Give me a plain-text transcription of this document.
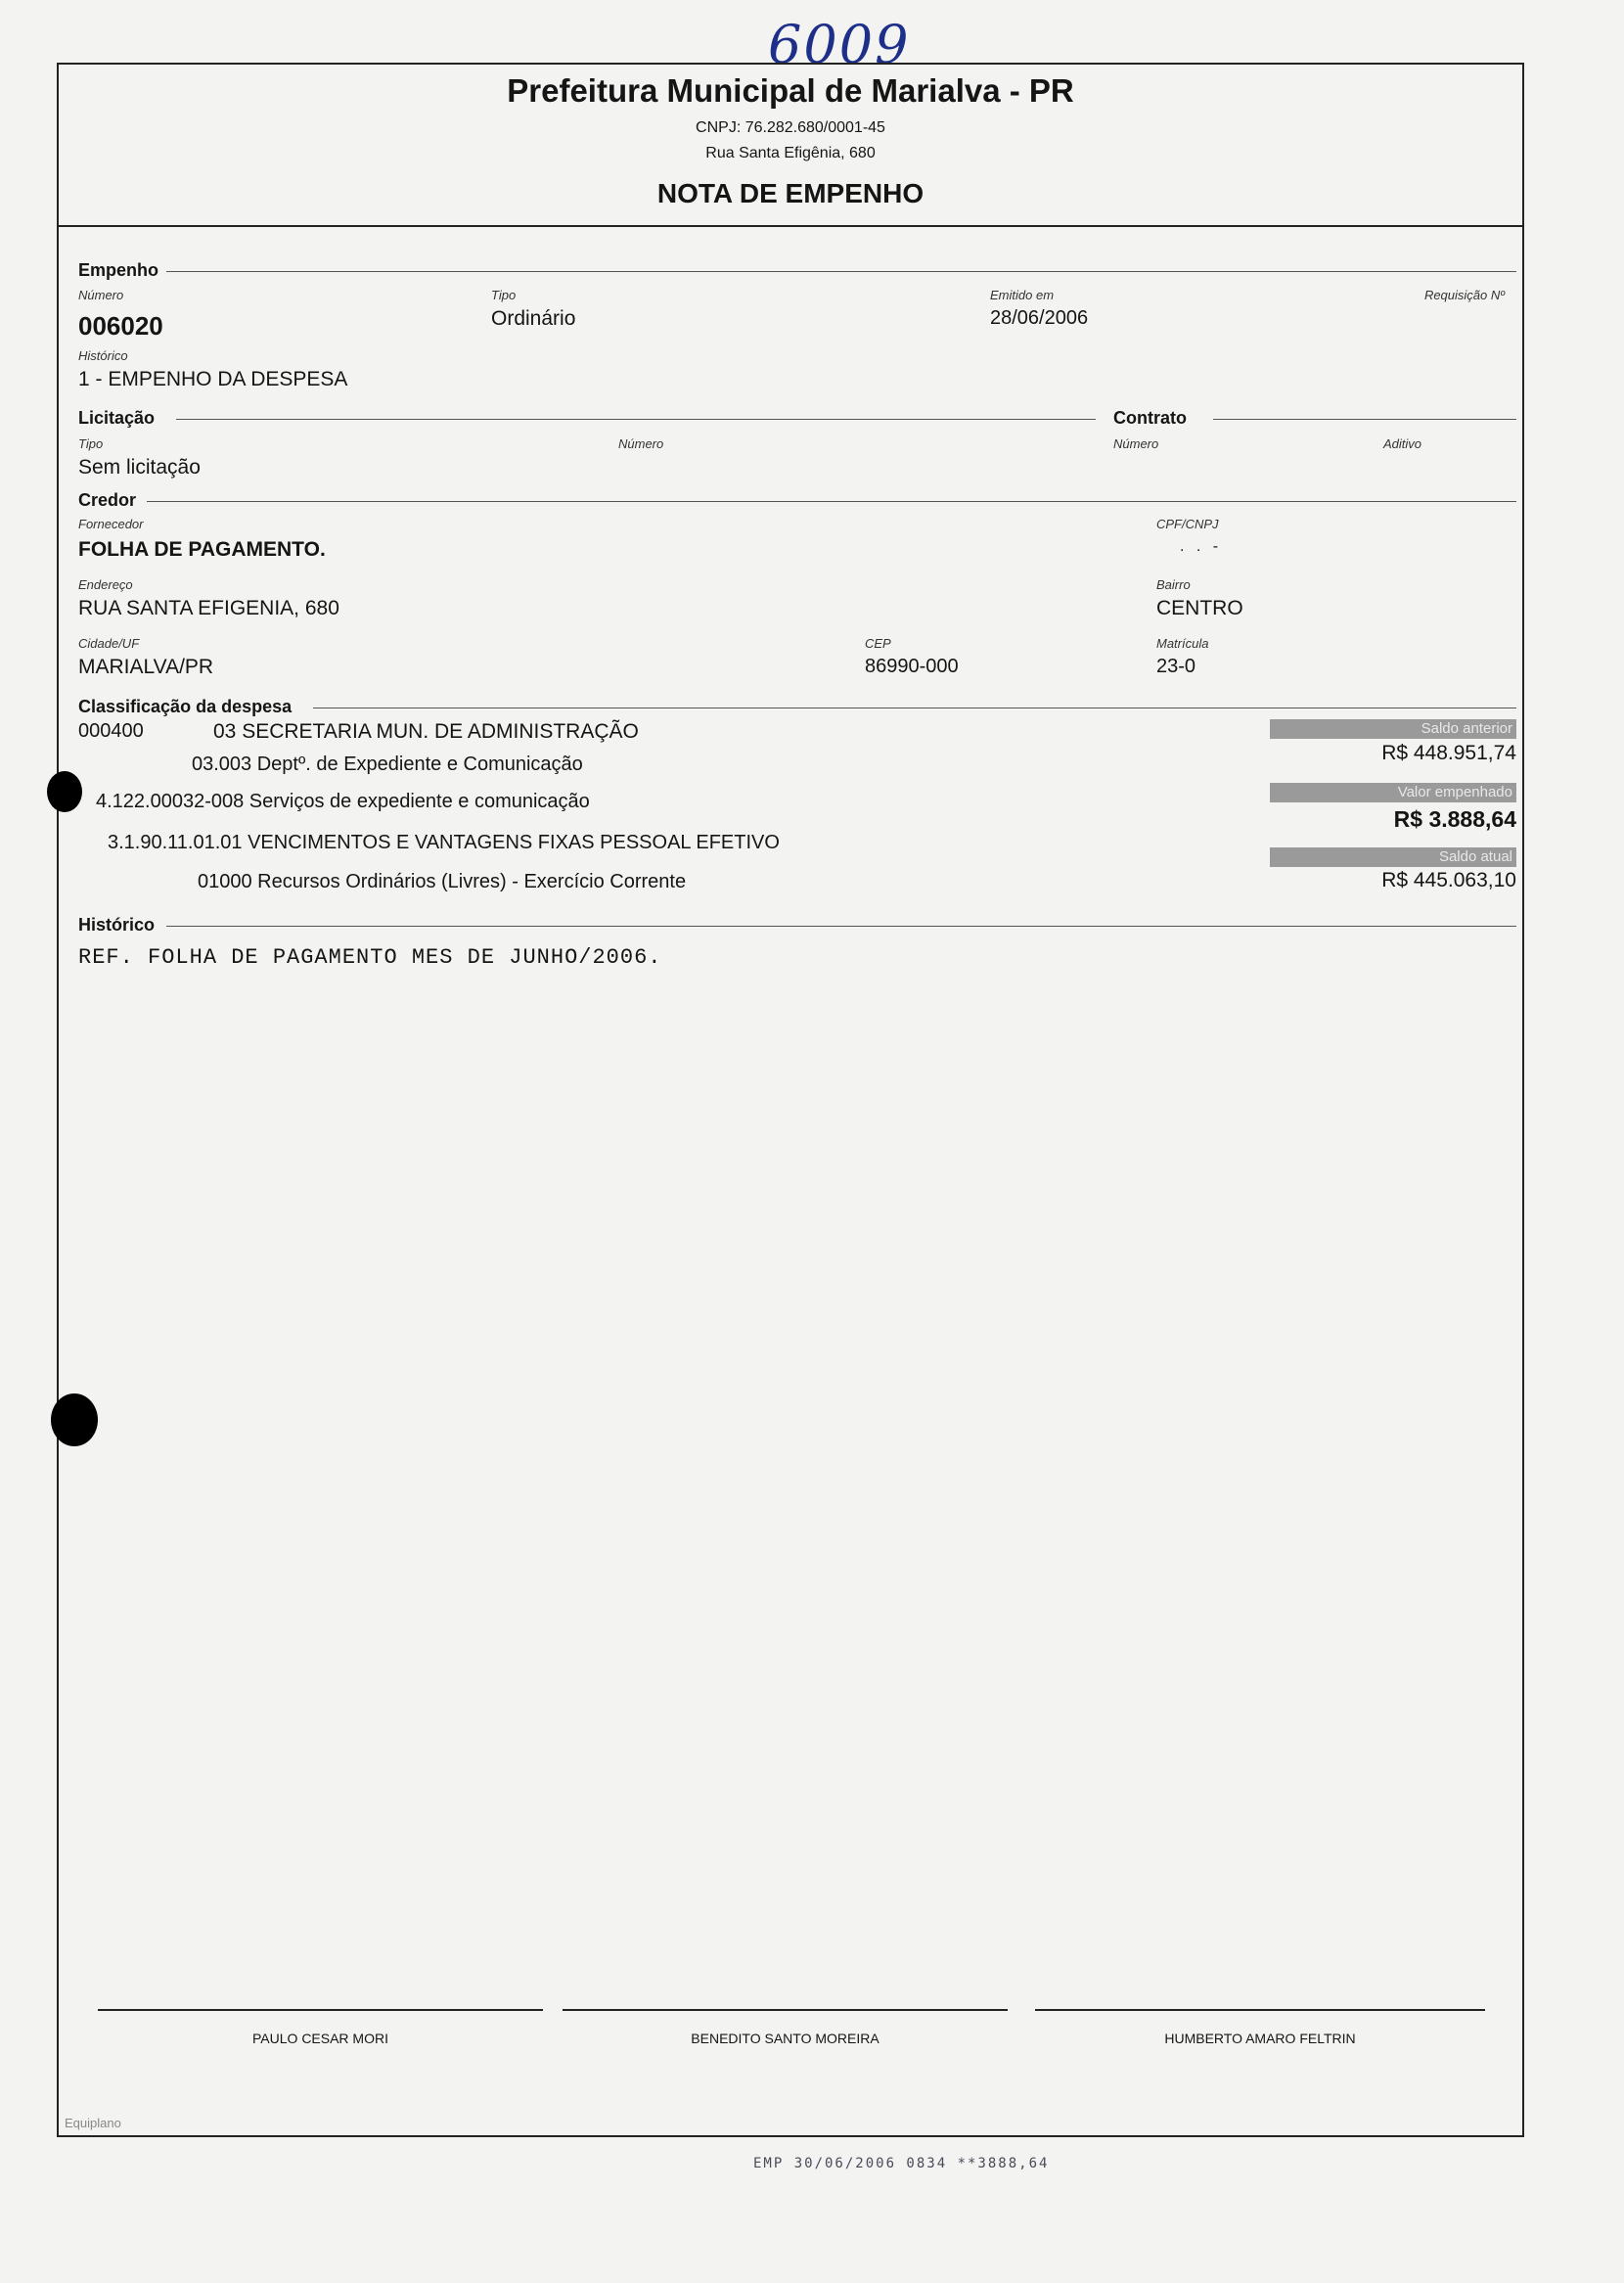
6009
Prefeitura Municipal de Marialva - PR
CNPJ: 76.282.680/0001-45
Rua Santa Efigênia, 680
NOTA DE EMPENHO
Empenho
Número
006020
Tipo
Ordinário
Emitido em
28/06/2006
Requisição Nº
Histórico
1 - EMPENHO DA DESPESA
Licitação	Contrato
Tipo
Sem licitação
Número	Número	Aditivo
Credor
Fornecedor
FOLHA DE PAGAMENTO.
CPF/CNPJ
. . -
Endereço
RUA SANTA EFIGENIA, 680
Bairro
CENTRO
Cidade/UF
MARIALVA/PR
CEP
86990-000
Matrícula
23-0
Classificação da despesa
000400	03 SECRETARIA MUN. DE ADMINISTRAÇÃO
03.003 Deptº. de Expediente e Comunicação
4.122.00032-008 Serviços de expediente e comunicação
3.1.90.11.01.01 VENCIMENTOS E VANTAGENS FIXAS PESSOAL EFETIVO
01000 Recursos Ordinários (Livres) - Exercício Corrente
Saldo anterior
R$ 448.951,74
Valor empenhado
R$ 3.888,64
Saldo atual
R$ 445.063,10
Histórico
REF. FOLHA DE PAGAMENTO MES DE JUNHO/2006.
PAULO CESAR MORI	BENEDITO SANTO MOREIRA	HUMBERTO AMARO FELTRIN
Equiplano
EMP 30/06/2006 0834 **3888,64
